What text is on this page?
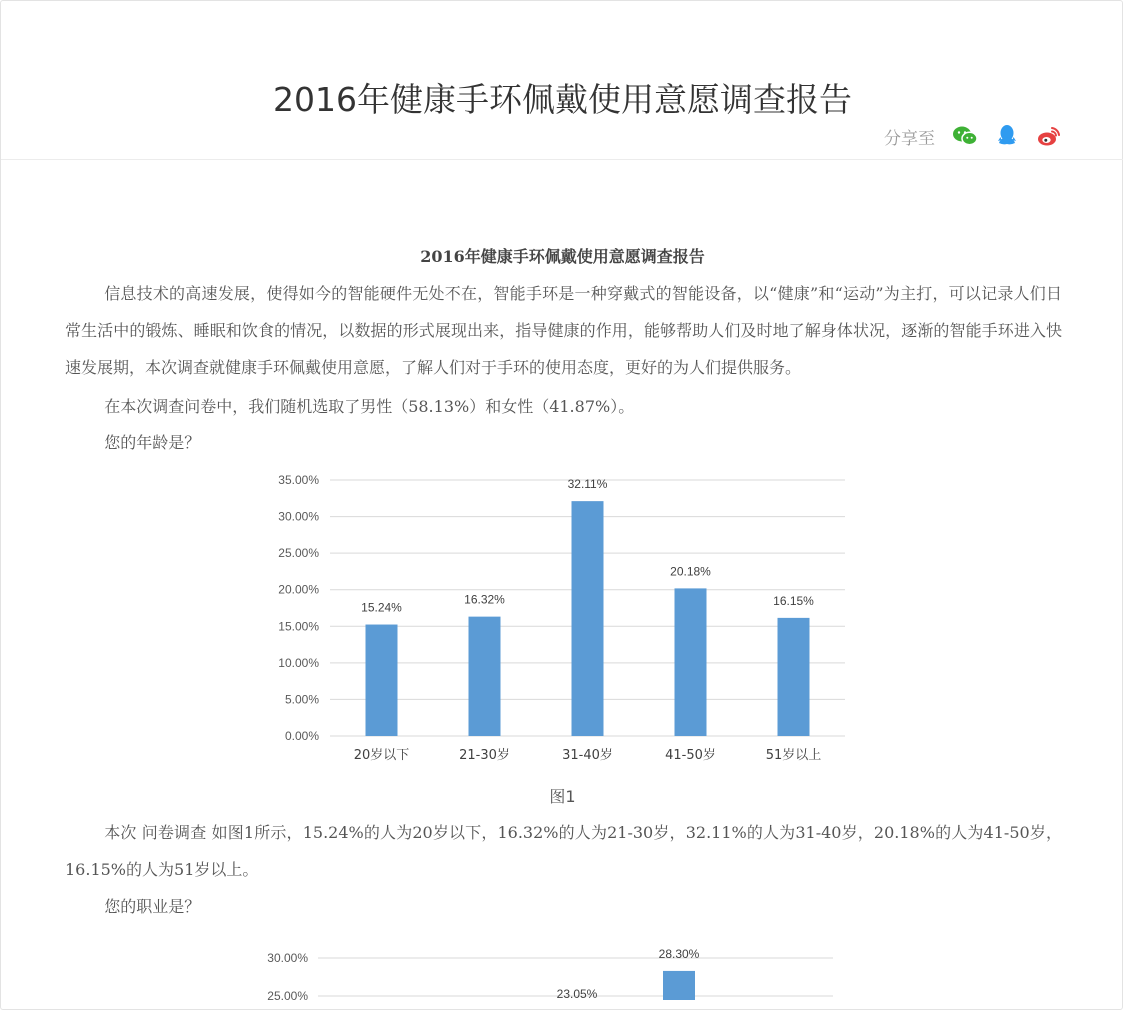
2016年健康手环佩戴使用意愿调查报告
分享至
2016年健康手环佩戴使用意愿调查报告

信息技术的高速发展，使得如今的智能硬件无处不在，智能手环是一种穿戴式的智能设备，以“健康”和“运动”为主打，可以记录人们日常生活中的锻炼、睡眠和饮食的情况，以数据的形式展现出来，指导健康的作用，能够帮助人们及时地了解身体状况，逐渐的智能手环进入快速发展期，本次调查就健康手环佩戴使用意愿，了解人们对于手环的使用态度，更好的为人们提供服务。

在本次调查问卷中，我们随机选取了男性（58.13%）和女性（41.87%）。

您的年龄是？

0.00%
5.00%
10.00%
15.00%
20.00%
25.00%
30.00%
35.00%
15.24%
20岁以下
16.32%
21-30岁
32.11%
31-40岁
20.18%
41-50岁
16.15%
51岁以上
图1

本次 问卷调查 如图1所示，15.24%的人为20岁以下，16.32%的人为21-30岁，32.11%的人为31-40岁，20.18%的人为41-50岁，16.15%的人为51岁以上。

您的职业是？

30.00%
25.00%	23.05%
28.30%
